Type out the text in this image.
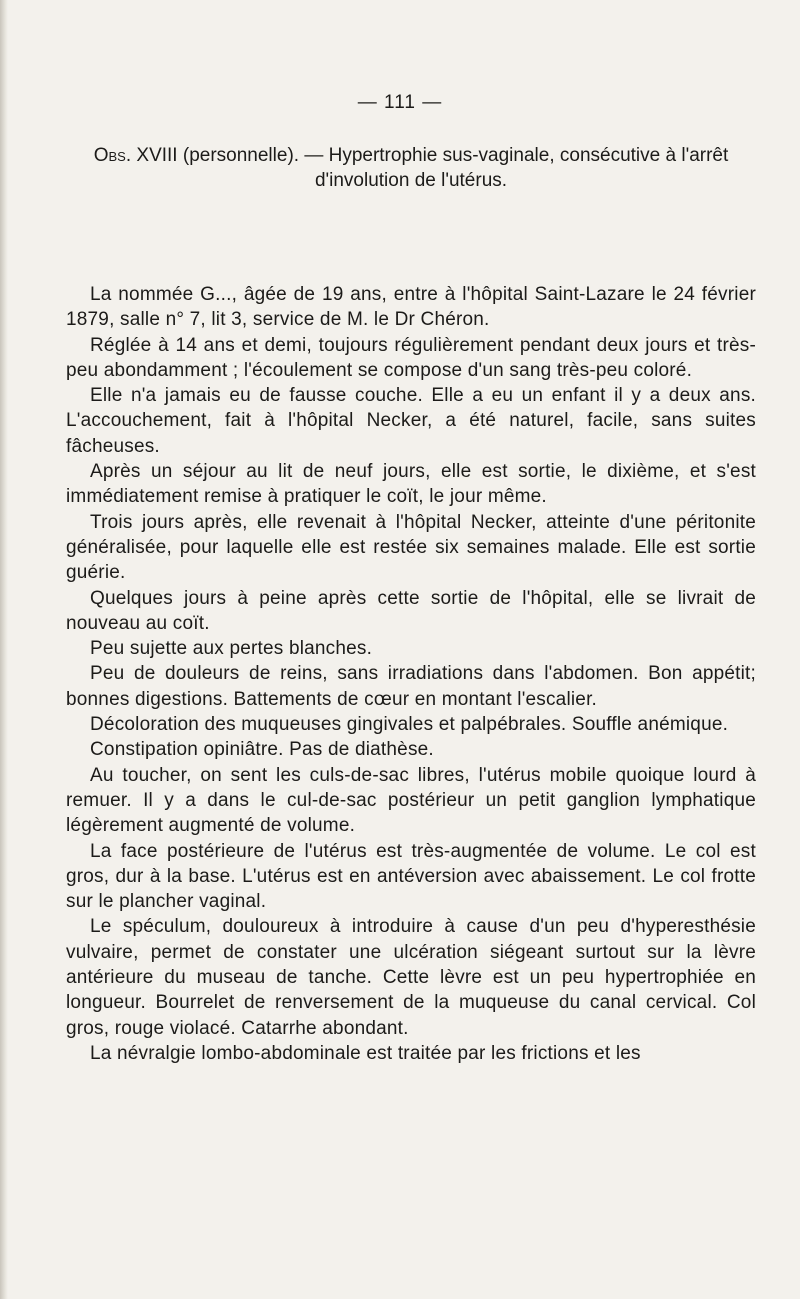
— 111 —
Obs. XVIII (personnelle). — Hypertrophie sus-vaginale, consécutive à l'arrêt d'involution de l'utérus.

La nommée G..., âgée de 19 ans, entre à l'hôpital Saint-Lazare le 24 février 1879, salle n° 7, lit 3, service de M. le Dr Chéron.

Réglée à 14 ans et demi, toujours régulièrement pendant deux jours et très-peu abondamment ; l'écoulement se compose d'un sang très-peu coloré.

Elle n'a jamais eu de fausse couche. Elle a eu un enfant il y a deux ans. L'accouchement, fait à l'hôpital Necker, a été naturel, facile, sans suites fâcheuses.

Après un séjour au lit de neuf jours, elle est sortie, le dixième, et s'est immédiatement remise à pratiquer le coït, le jour même.

Trois jours après, elle revenait à l'hôpital Necker, atteinte d'une péritonite généralisée, pour laquelle elle est restée six semaines malade. Elle est sortie guérie.

Quelques jours à peine après cette sortie de l'hôpital, elle se livrait de nouveau au coït.

Peu sujette aux pertes blanches.

Peu de douleurs de reins, sans irradiations dans l'abdomen. Bon appétit; bonnes digestions. Battements de cœur en montant l'escalier.

Décoloration des muqueuses gingivales et palpébrales. Souffle anémique.

Constipation opiniâtre. Pas de diathèse.

Au toucher, on sent les culs-de-sac libres, l'utérus mobile quoique lourd à remuer. Il y a dans le cul-de-sac postérieur un petit ganglion lymphatique légèrement augmenté de volume.

La face postérieure de l'utérus est très-augmentée de volume. Le col est gros, dur à la base. L'utérus est en antéversion avec abaissement. Le col frotte sur le plancher vaginal.

Le spéculum, douloureux à introduire à cause d'un peu d'hyperesthésie vulvaire, permet de constater une ulcération siégeant surtout sur la lèvre antérieure du museau de tanche. Cette lèvre est un peu hypertrophiée en longueur. Bourrelet de renversement de la muqueuse du canal cervical. Col gros, rouge violacé. Catarrhe abondant.

La névralgie lombo-abdominale est traitée par les frictions et les
